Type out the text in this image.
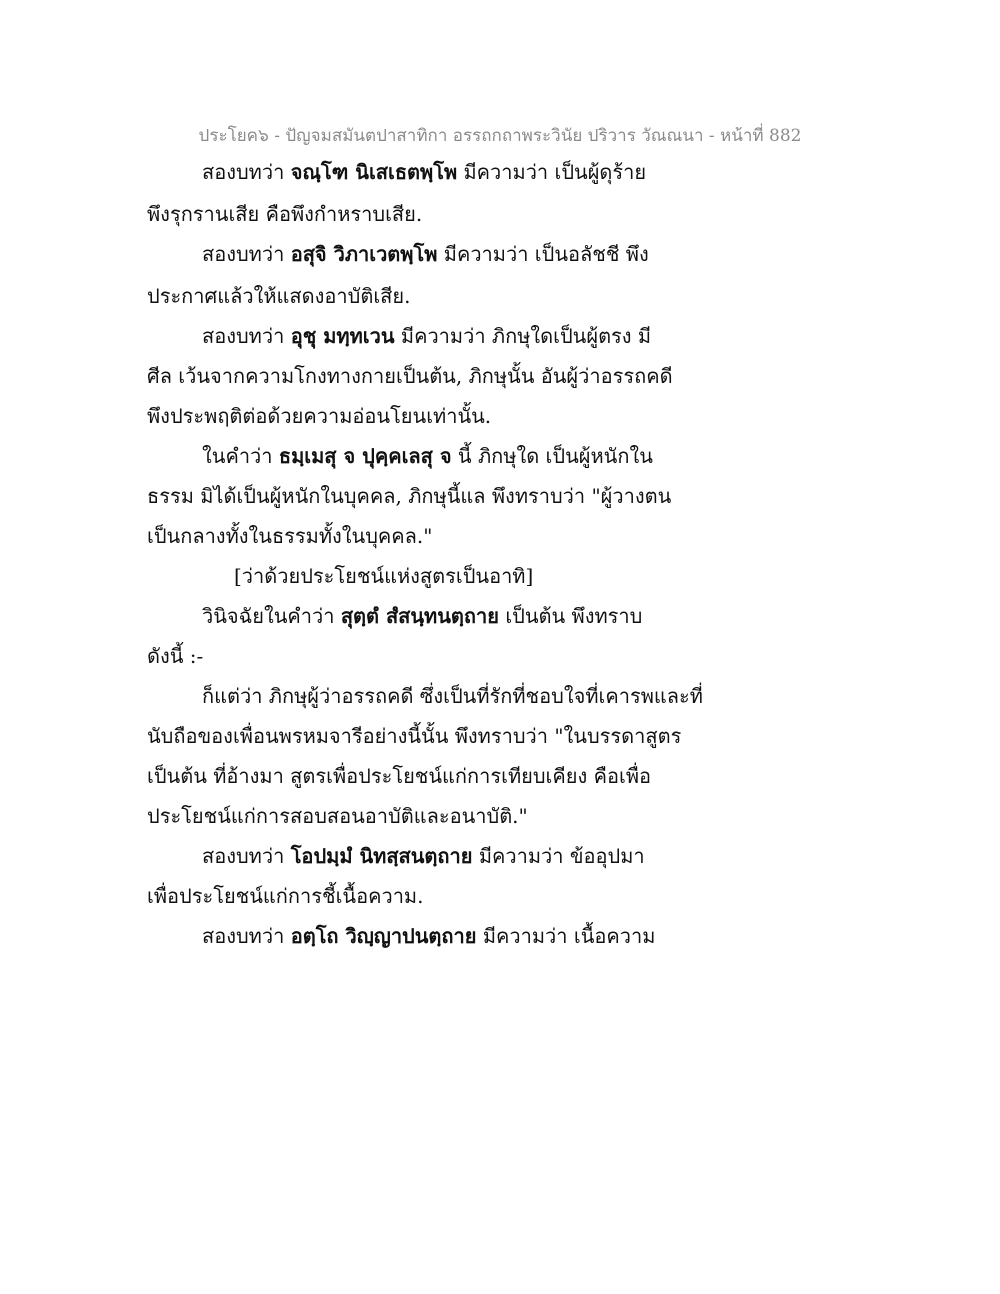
ประโยค๖ - ปัญจมสมันตปาสาทิกา อรรถกถาพระวินัย ปริวาร วัณณนา - หน้าที่ 882
สองบทว่า จณฺโฑ นิเสเธตพฺโพ มีความว่า เป็นผู้ดุร้าย
พึงรุกรานเสีย คือพึงกำหราบเสีย.
สองบทว่า อสุจิ วิภาเวตพฺโพ มีความว่า เป็นอลัชชี พึง
ประกาศแล้วให้แสดงอาบัติเสีย.
สองบทว่า อุชุ มทฺทเวน มีความว่า ภิกษุใดเป็นผู้ตรง มี
ศีล เว้นจากความโกงทางกายเป็นต้น, ภิกษุนั้น อันผู้ว่าอรรถคดี
พึงประพฤติต่อด้วยความอ่อนโยนเท่านั้น.
ในคำว่า ธมฺเมสุ จ ปุคฺคเลสุ จ นี้ ภิกษุใด เป็นผู้หนักใน
ธรรม มิได้เป็นผู้หนักในบุคคล, ภิกษุนี้แล พึงทราบว่า "ผู้วางตน
เป็นกลางทั้งในธรรมทั้งในบุคคล."
[ว่าด้วยประโยชน์แห่งสูตรเป็นอาทิ]
วินิจฉัยในคำว่า สุตฺตํ สํสนฺทนตฺถาย เป็นต้น พึงทราบ
ดังนี้ :-
ก็แต่ว่า ภิกษุผู้ว่าอรรถคดี ซึ่งเป็นที่รักที่ชอบใจที่เคารพและที่
นับถือของเพื่อนพรหมจารีอย่างนี้นั้น พึงทราบว่า "ในบรรดาสูตร
เป็นต้น ที่อ้างมา สูตรเพื่อประโยชน์แก่การเทียบเคียง คือเพื่อ
ประโยชน์แก่การสอบสอนอาบัติและอนาบัติ."
สองบทว่า โอปมฺมํ นิทสฺสนตฺถาย มีความว่า ข้ออุปมา
เพื่อประโยชน์แก่การชี้เนื้อความ.
สองบทว่า อตฺโถ วิญฺญาปนตฺถาย มีความว่า เนื้อความ
